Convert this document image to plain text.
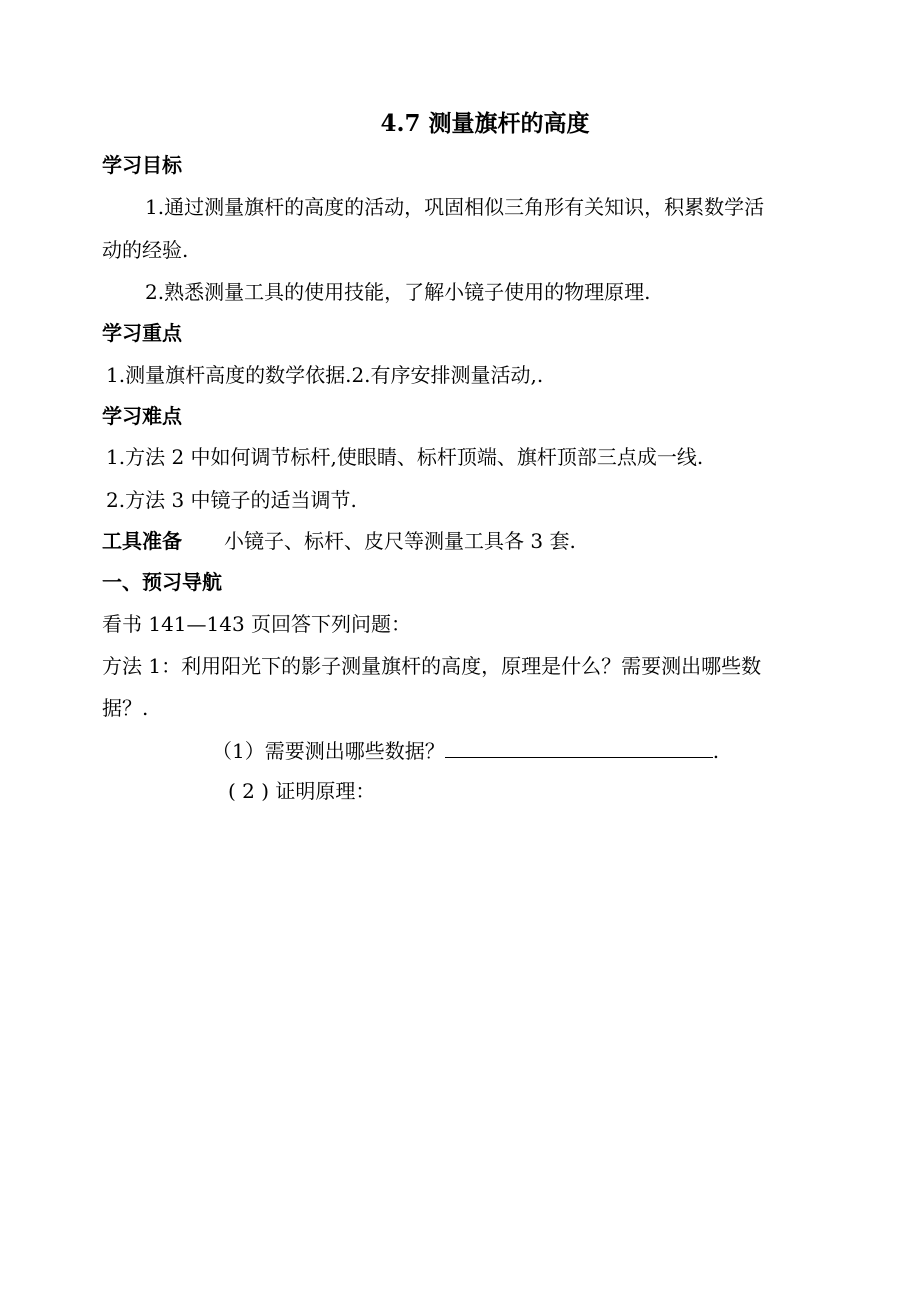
4.7 测量旗杆的高度
学习目标
1.通过测量旗杆的高度的活动，巩固相似三角形有关知识，积累数学活
动的经验.
2.熟悉测量工具的使用技能，了解小镜子使用的物理原理.
学习重点
1.测量旗杆高度的数学依据.2.有序安排测量活动,.
学习难点
1.方法 2 中如何调节标杆,使眼睛、标杆顶端、旗杆顶部三点成一线.
2.方法 3 中镜子的适当调节.
工具准备 小镜子、标杆、皮尺等测量工具各 3 套.
一、预习导航
看书 141—143 页回答下列问题：
方法 1：利用阳光下的影子测量旗杆的高度，原理是什么？需要测出哪些数
据？.
（1）需要测出哪些数据？	.
( 2 ) 证明原理：
